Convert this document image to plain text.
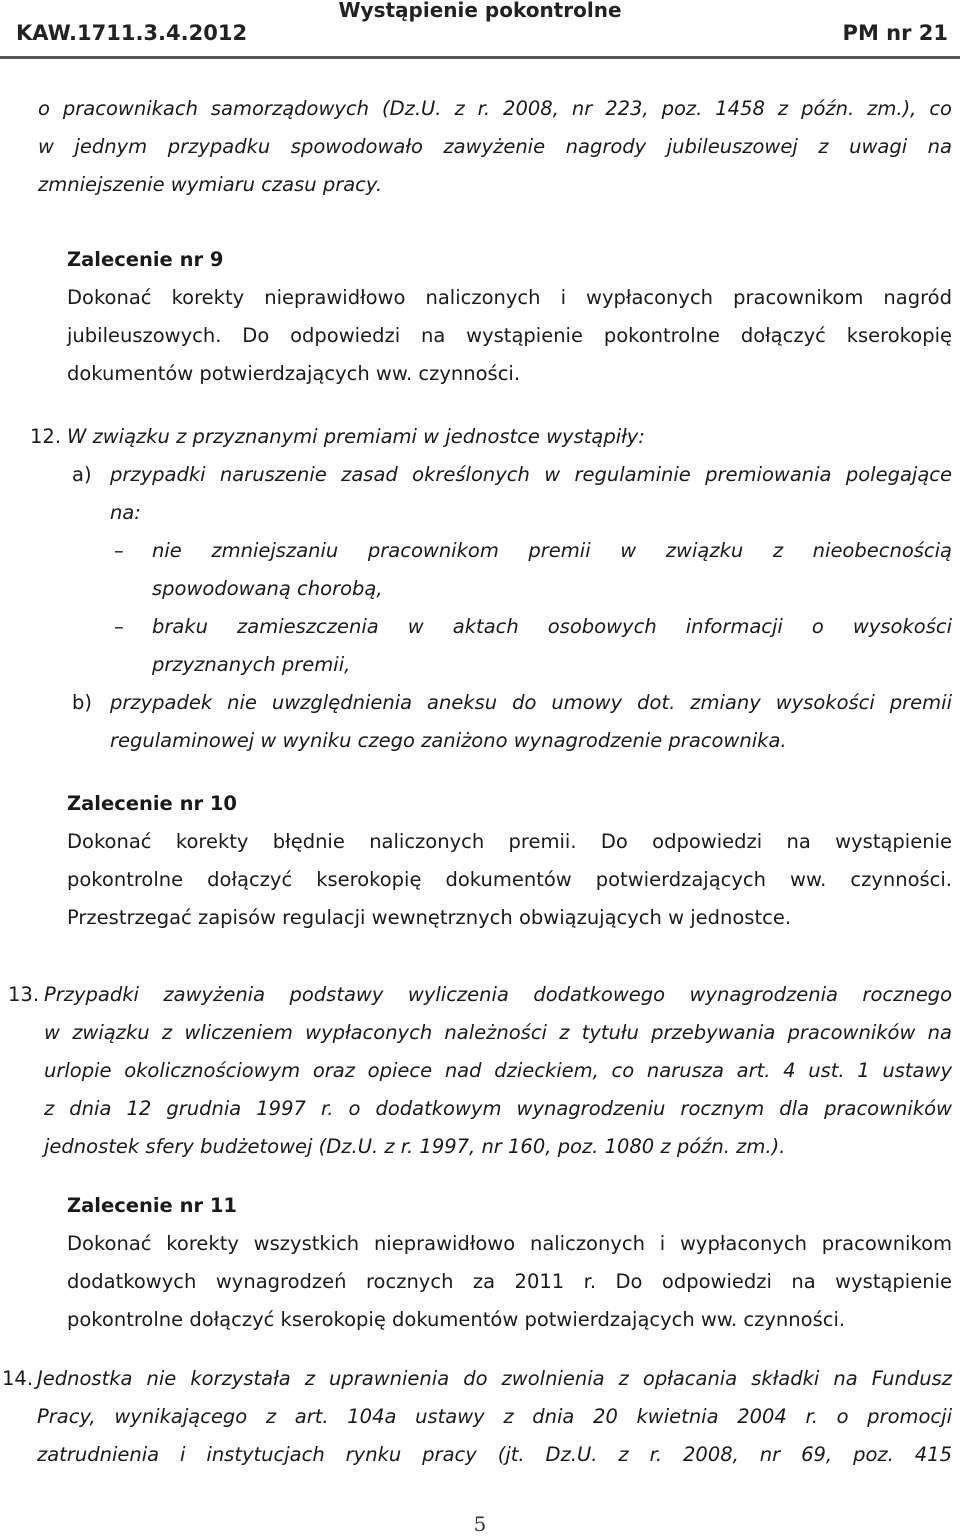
KAW.1711.3.4.2012
Wystąpienie pokontrolne
PM nr 21

o pracownikach samorządowych (Dz.U. z r. 2008, nr 223, poz. 1458 z późn. zm.), co

w jednym przypadku spowodowało zawyżenie nagrody jubileuszowej z uwagi na

zmniejszenie wymiaru czasu pracy.

Zalecenie nr 9

Dokonać korekty nieprawidłowo naliczonych i wypłaconych pracownikom nagród

jubileuszowych. Do odpowiedzi na wystąpienie pokontrolne dołączyć kserokopię

dokumentów potwierdzających ww. czynności.

12. W związku z przyznanymi premiami w jednostce wystąpiły:

a) przypadki naruszenie zasad określonych w regulaminie premiowania polegające

na:

– nie zmniejszaniu pracownikom premii w związku z nieobecnością

spowodowaną chorobą,

– braku zamieszczenia w aktach osobowych informacji o wysokości

przyznanych premii,

b) przypadek nie uwzględnienia aneksu do umowy dot. zmiany wysokości premii

regulaminowej w wyniku czego zaniżono wynagrodzenie pracownika.

Zalecenie nr 10

Dokonać korekty błędnie naliczonych premii. Do odpowiedzi na wystąpienie

pokontrolne dołączyć kserokopię dokumentów potwierdzających ww. czynności.

Przestrzegać zapisów regulacji wewnętrznych obwiązujących w jednostce.

13. Przypadki zawyżenia podstawy wyliczenia dodatkowego wynagrodzenia rocznego

w związku z wliczeniem wypłaconych należności z tytułu przebywania pracowników na

urlopie okolicznościowym oraz opiece nad dzieckiem, co narusza art. 4 ust. 1 ustawy

z dnia 12 grudnia 1997 r. o dodatkowym wynagrodzeniu rocznym dla pracowników

jednostek sfery budżetowej (Dz.U. z r. 1997, nr 160, poz. 1080 z późn. zm.).

Zalecenie nr 11

Dokonać korekty wszystkich nieprawidłowo naliczonych i wypłaconych pracownikom

dodatkowych wynagrodzeń rocznych za 2011 r. Do odpowiedzi na wystąpienie

pokontrolne dołączyć kserokopię dokumentów potwierdzających ww. czynności.

14. Jednostka nie korzystała z uprawnienia do zwolnienia z opłacania składki na Fundusz

Pracy, wynikającego z art. 104a ustawy z dnia 20 kwietnia 2004 r. o promocji

zatrudnienia i instytucjach rynku pracy (jt. Dz.U. z r. 2008, nr 69, poz. 415

5
